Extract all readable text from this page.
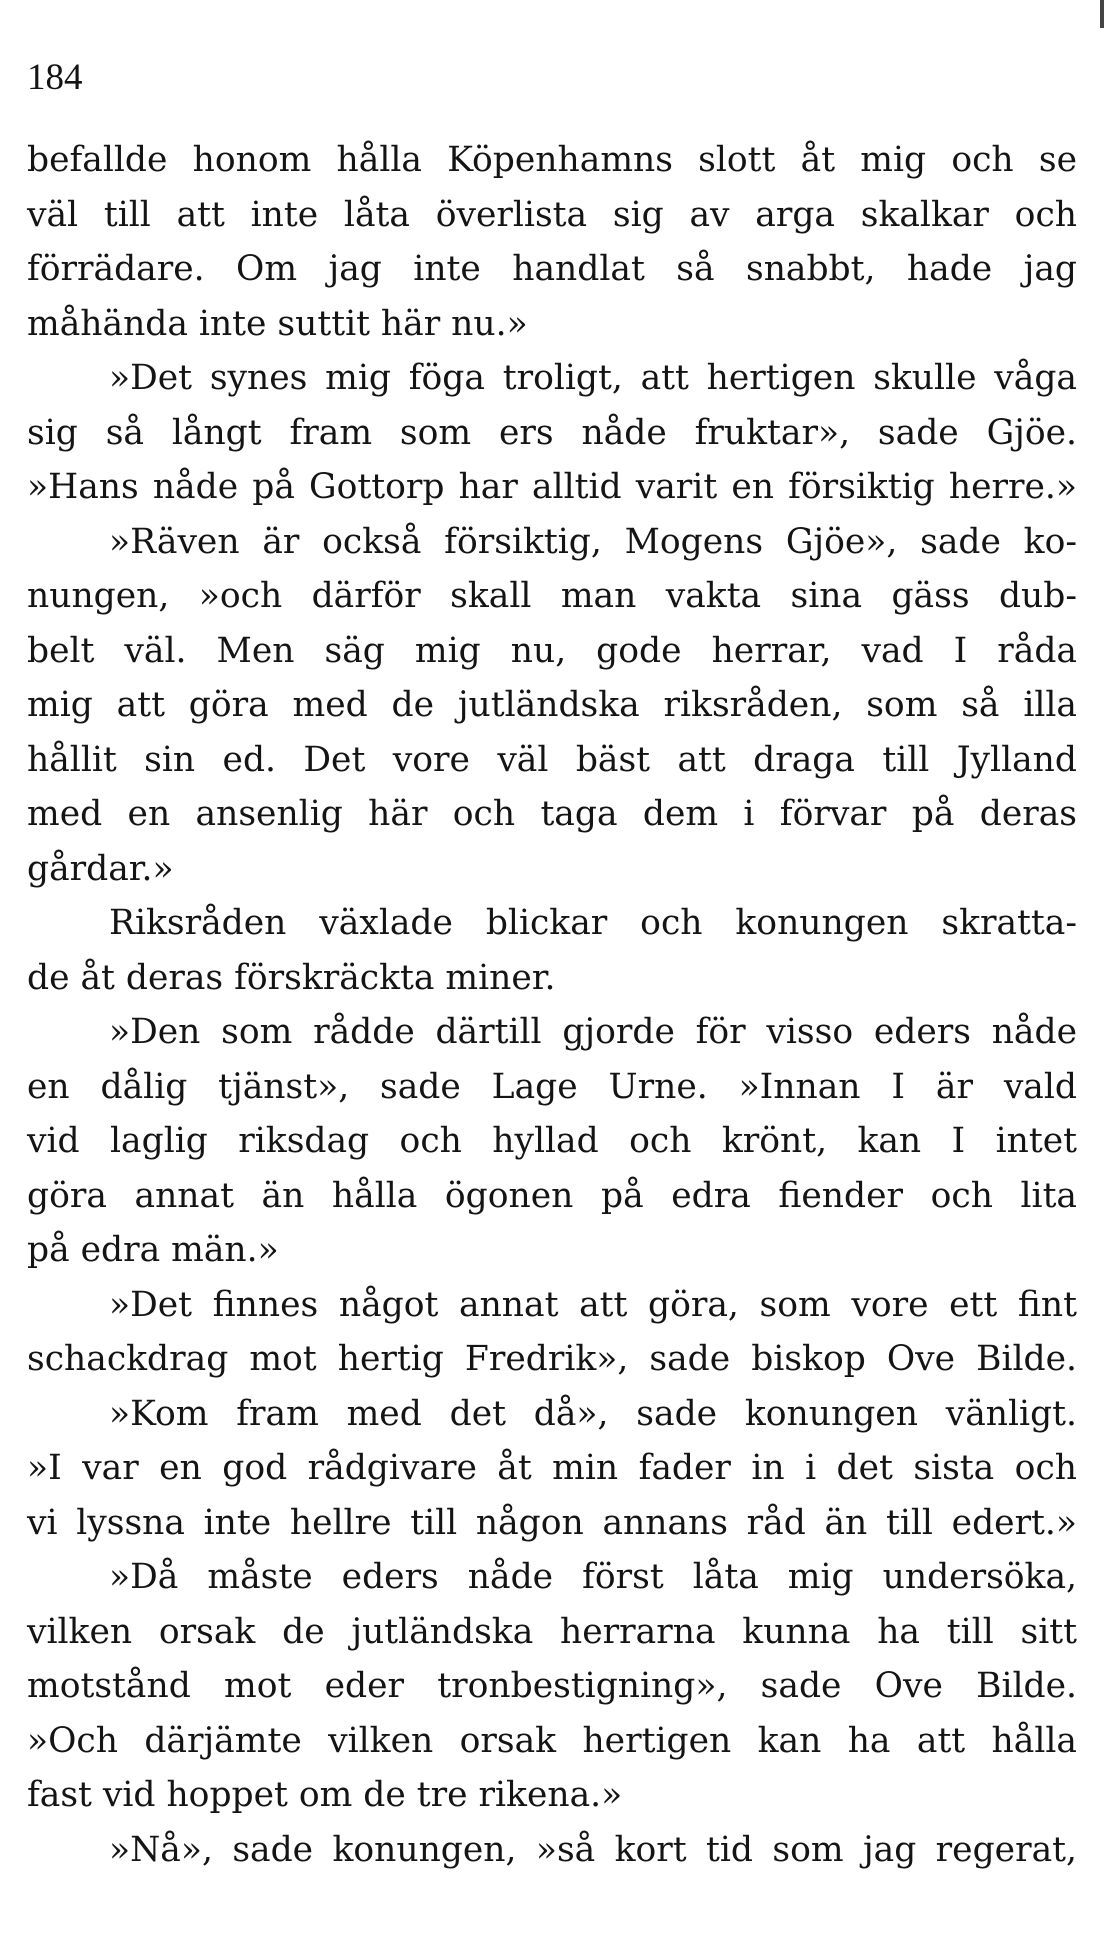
184
befallde honom hålla Köpenhamns slott åt mig och se
väl till att inte låta överlista sig av arga skalkar och
förrädare. Om jag inte handlat så snabbt, hade jag
måhända inte suttit här nu.»
»Det synes mig föga troligt, att hertigen skulle våga
sig så långt fram som ers nåde fruktar», sade Gjöe.
»Hans nåde på Gottorp har alltid varit en försiktig herre.»
»Räven är också försiktig, Mogens Gjöe», sade ko-
nungen, »och därför skall man vakta sina gäss dub-
belt väl. Men säg mig nu, gode herrar, vad I råda
mig att göra med de jutländska riksråden, som så illa
hållit sin ed. Det vore väl bäst att draga till Jylland
med en ansenlig här och taga dem i förvar på deras
gårdar.»
Riksråden växlade blickar och konungen skratta-
de åt deras förskräckta miner.
»Den som rådde därtill gjorde för visso eders nåde
en dålig tjänst», sade Lage Urne. »Innan I är vald
vid laglig riksdag och hyllad och krönt, kan I intet
göra annat än hålla ögonen på edra fiender och lita
på edra män.»
»Det finnes något annat att göra, som vore ett fint
schackdrag mot hertig Fredrik», sade biskop Ove Bilde.
»Kom fram med det då», sade konungen vänligt.
»I var en god rådgivare åt min fader in i det sista och
vi lyssna inte hellre till någon annans råd än till edert.»
»Då måste eders nåde först låta mig undersöka,
vilken orsak de jutländska herrarna kunna ha till sitt
motstånd mot eder tronbestigning», sade Ove Bilde.
»Och därjämte vilken orsak hertigen kan ha att hålla
fast vid hoppet om de tre rikena.»
»Nå», sade konungen, »så kort tid som jag regerat,
